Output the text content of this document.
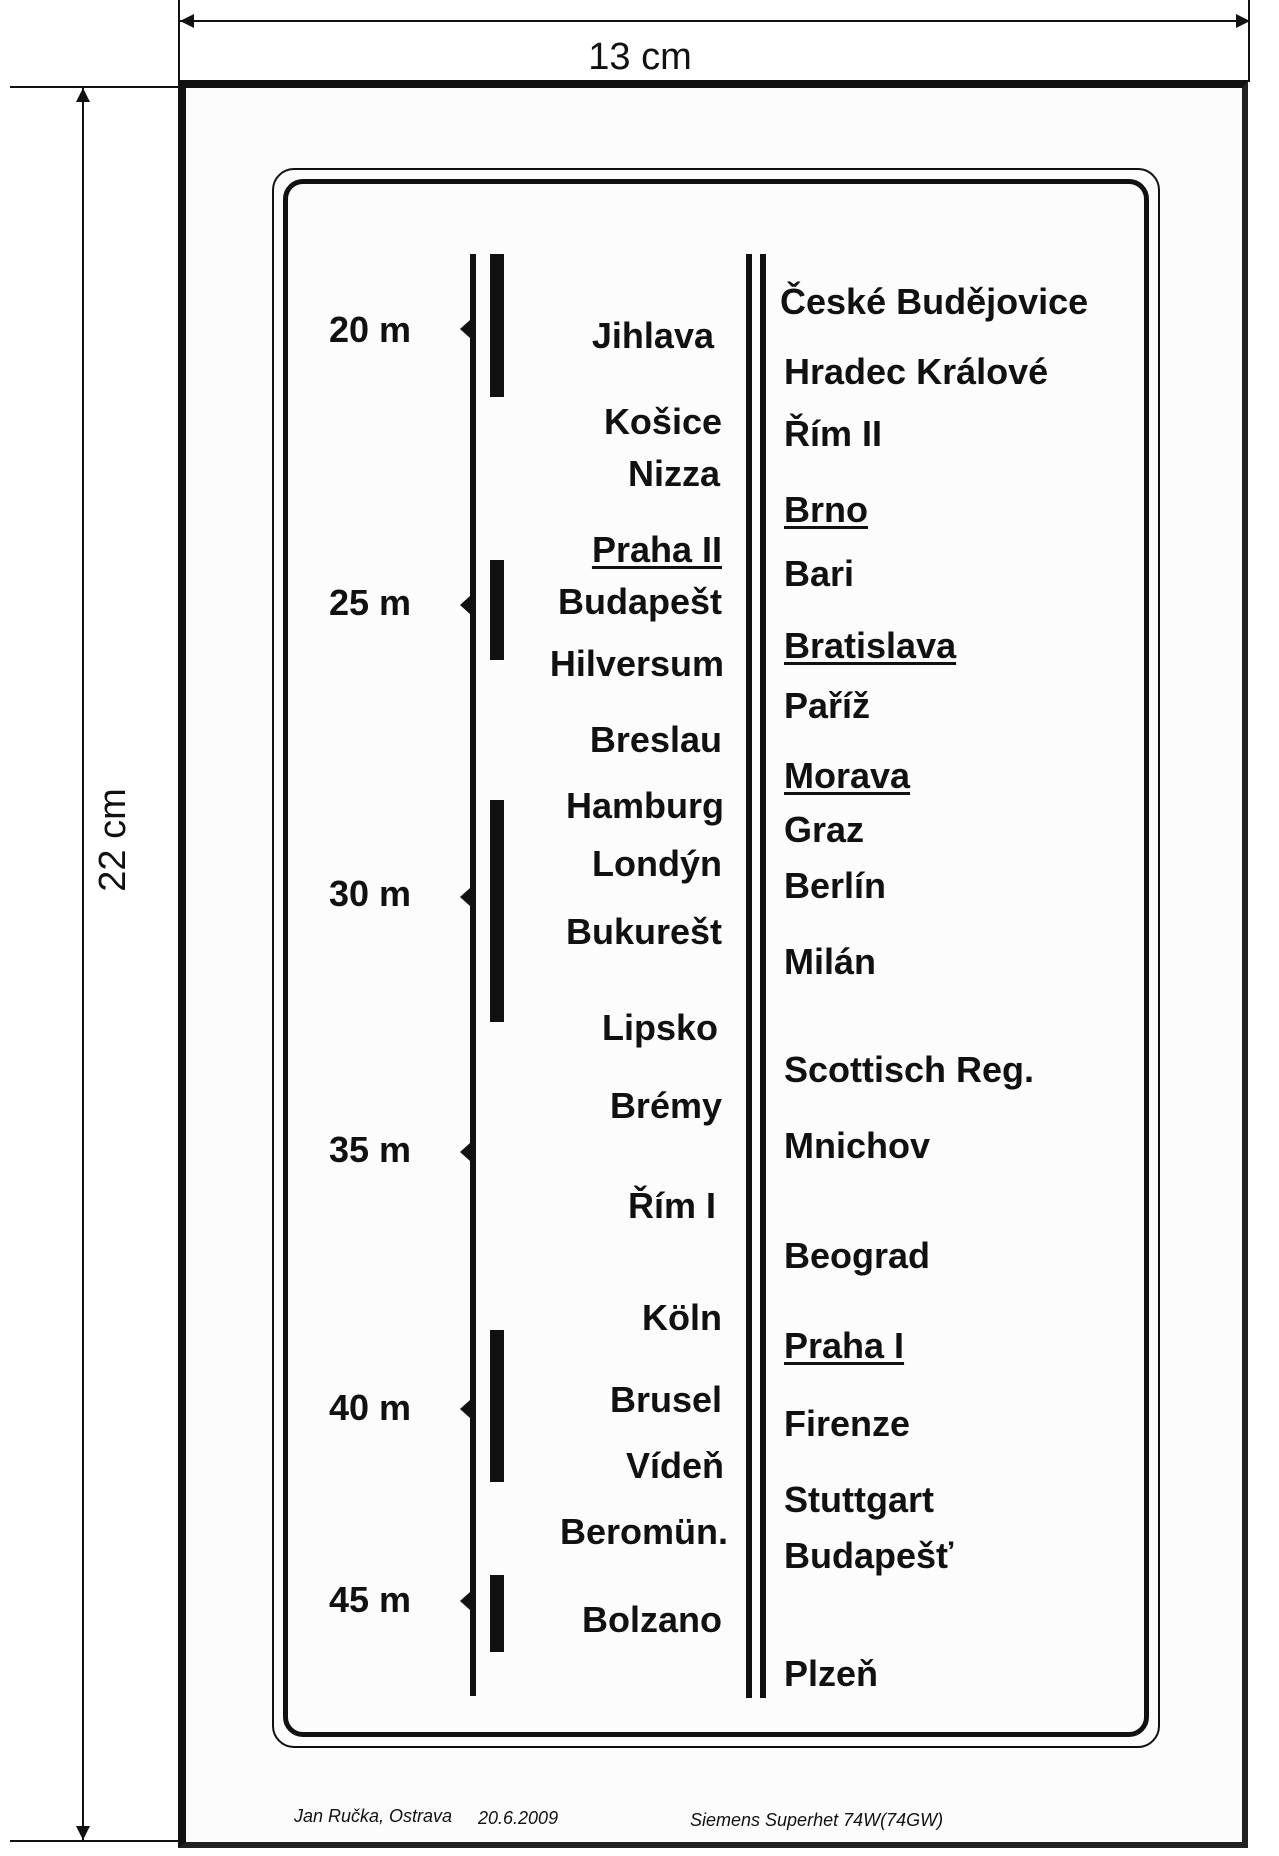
13 cm
22 cm
20 m
25 m
30 m
35 m
40 m
45 m
Jihlava
Košice
Nizza
Praha II
Budapešt
Hilversum
Breslau
Hamburg
Londýn
Bukurešt
Lipsko
Brémy
Řím I
Köln
Brusel
Vídeň
Beromün.
Bolzano
České Budějovice
Hradec Králové
Řím II
Brno
Bari
Bratislava
Paříž
Morava
Graz
Berlín
Milán
Scottisch Reg.
Mnichov
Beograd
Praha I
Firenze
Stuttgart
Budapešť
Plzeň
Jan Ručka, Ostrava 20.6.2009	Siemens Superhet 74W(74GW)
